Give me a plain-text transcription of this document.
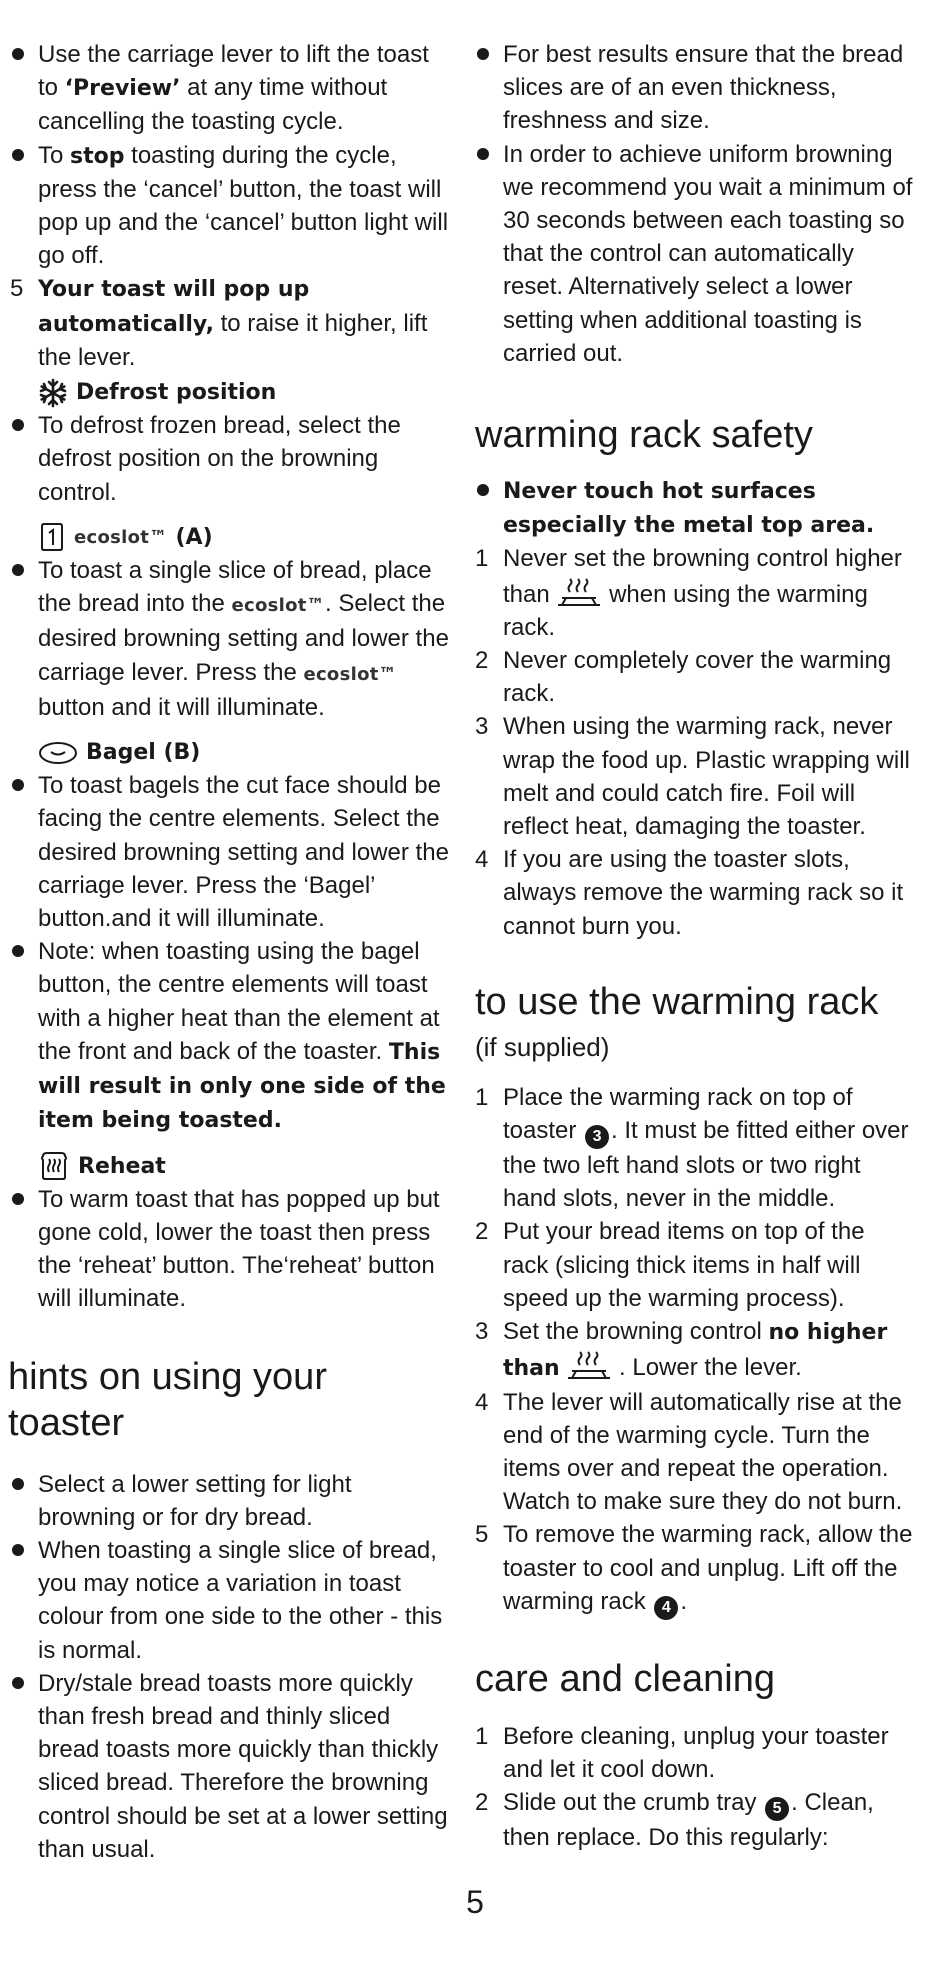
Use the carriage lever to lift the toast to ‘Preview’ at any time without cancelling the toasting cycle.
To stop toasting during the cycle, press the ‘cancel’ button, the toast will pop up and the ‘cancel’ button light will go off.
5 Your toast will pop up automatically, to raise it higher, lift the lever.
Defrost position
To defrost frozen bread, select the defrost position on the browning control.
ecoslot™ (A)
To toast a single slice of bread, place the bread into the ecoslot™. Select the desired browning setting and lower the carriage lever. Press the ecoslot™ button and it will illuminate.
Bagel (B)
To toast bagels the cut face should be facing the centre elements. Select the desired browning setting and lower the carriage lever. Press the ‘Bagel’ button.and it will illuminate.
Note: when toasting using the bagel button, the centre elements will toast with a higher heat than the element at the front and back of the toaster. This will result in only one side of the item being toasted.
Reheat
To warm toast that has popped up but gone cold, lower the toast then press the ‘reheat’ button. The‘reheat’ button will illuminate.
hints on using your toaster
Select a lower setting for light browning or for dry bread.
When toasting a single slice of bread, you may notice a variation in toast colour from one side to the other - this is normal.
Dry/stale bread toasts more quickly than fresh bread and thinly sliced bread toasts more quickly than thickly sliced bread. Therefore the browning control should be set at a lower setting than usual.
For best results ensure that the bread slices are of an even thickness, freshness and size.
In order to achieve uniform browning we recommend you wait a minimum of 30 seconds between each toasting so that the control can automatically reset. Alternatively select a lower setting when additional toasting is carried out.
warming rack safety
Never touch hot surfaces especially the metal top area.
1 Never set the browning control higher than  when using the warming rack.
2 Never completely cover the warming rack.
3 When using the warming rack, never wrap the food up. Plastic wrapping will melt and could catch fire. Foil will reflect heat, damaging the toaster.
4 If you are using the toaster slots, always remove the warming rack so it cannot burn you.
to use the warming rack
(if supplied)
1 Place the warming rack on top of toaster 3 . It must be fitted either over the two left hand slots or two right hand slots, never in the middle.
2 Put your bread items on top of the rack (slicing thick items in half will speed up the warming process).
3 Set the browning control no higher than  . Lower the lever.
4 The lever will automatically rise at the end of the warming cycle. Turn the items over and repeat the operation. Watch to make sure they do not burn.
5 To remove the warming rack, allow the toaster to cool and unplug. Lift off the warming rack 4 .
care and cleaning
1 Before cleaning, unplug your toaster and let it cool down.
2 Slide out the crumb tray 5 . Clean, then replace. Do this regularly:
5
